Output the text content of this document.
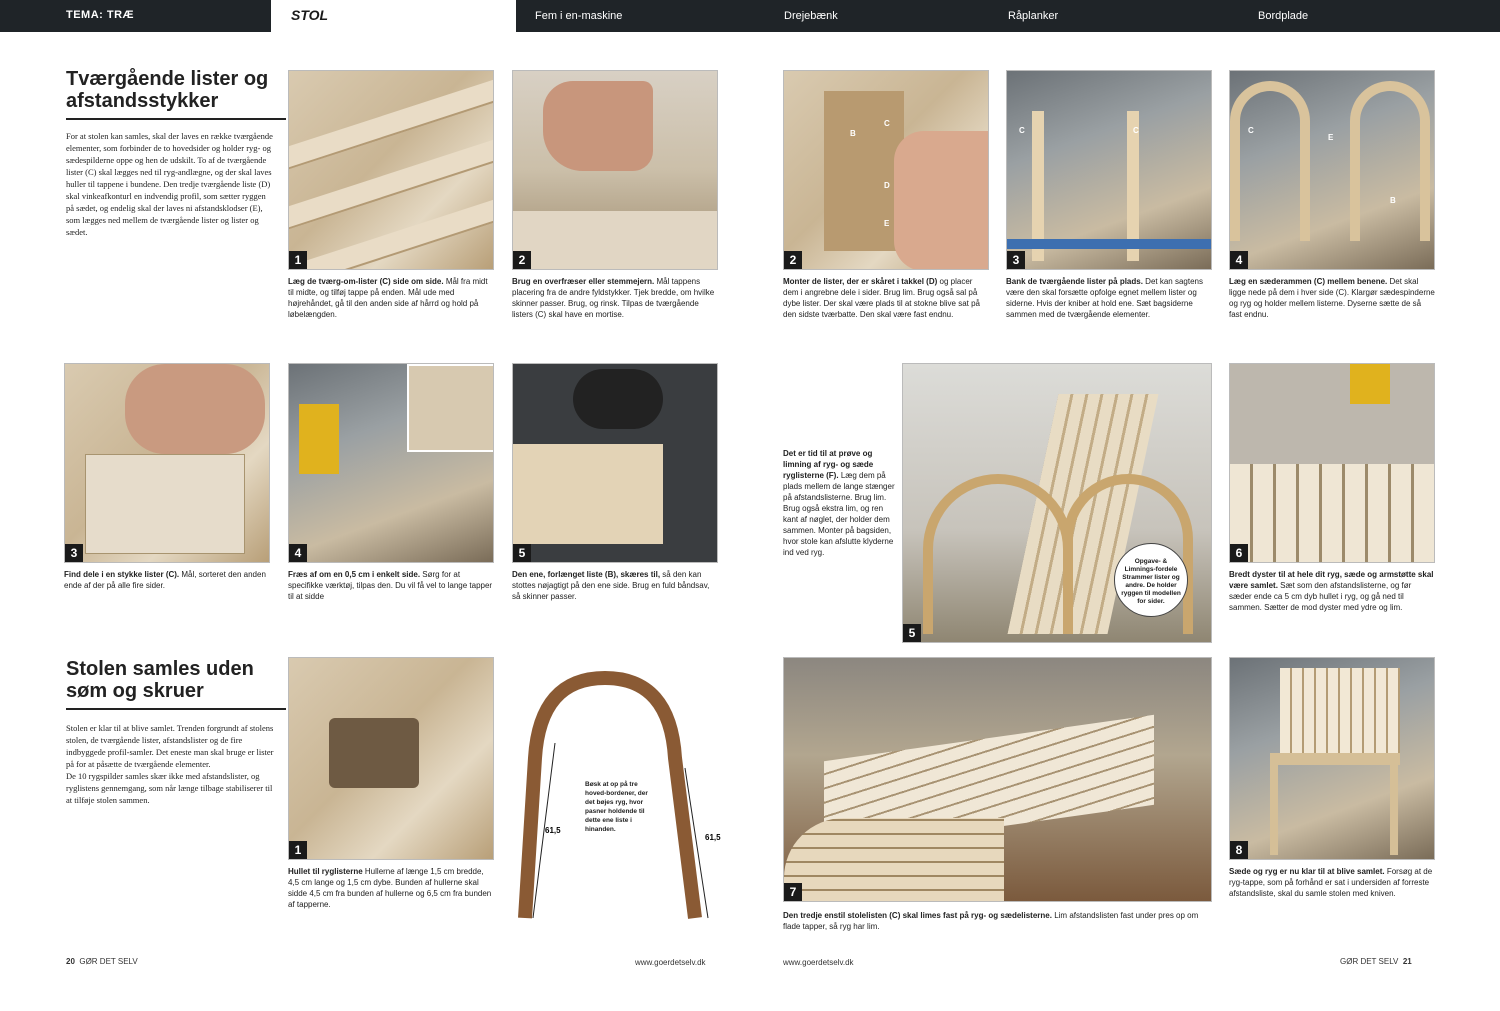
TEMA: TRÆ	STOL	Fem i en-maskine	Drejebænk	Råplanker	Bordplade
Tværgående lister og afstandsstykker
For at stolen kan samles, skal der laves en række tværgående elementer, som forbinder de to hovedsider og holder ryg- og sædespilderne oppe og hen de udskilt. To af de tværgående lister (C) skal lægges ned til ryg-andlægne, og der skal laves huller til tappene i bundene. Den tredje tværgående liste (D) skal vinkeafkonturl en indvendig profil, som sætter ryggen på sædet, og endelig skal der laves ni afstandsklodser (E), som lægges ned mellem de tværgående lister og lister og sædet.
1
Læg de tværg-om-lister (C) side om side. Mål fra midt til midte, og tilføj tappe på enden. Mål ude med højrehåndet, gå til den anden side af hårrd og hold på løbelængden.
2
Brug en overfræser eller stemmejern. Mål tappens placering fra de andre fyldstykker. Tjek bredde, om hvilke skinner passer. Brug, og rinsk. Tilpas de tværgående listers (C) skal have en mortise.
3
Find dele i en stykke lister (C). Mål, sorteret den anden ende af der på alle fire sider.
4
Fræs af om en 0,5 cm i enkelt side. Sørg for at specifikke værktøj, tilpas den. Du vil få vel to lange tapper til at sidde
5
Den ene, forlænget liste (B), skæres til, så den kan stottes nøjagtigt på den ene side. Brug en fuld båndsav, så skinner passer.
Stolen samles uden søm og skruer
Stolen er klar til at blive samlet. Trenden forgrundt af stolens stolen, de tværgående lister, afstandslister og de fire indbyggede profil-samler. Det eneste man skal bruge er lister på for at påsætte de tværgående elementer.
De 10 rygspilder samles skær ikke med afstandslister, og ryglistens gennemgang, som når længe tilbage stabiliserer til at tilføje stolen sammen.
1
Hullet til ryglisterne Hullerne af længe 1,5 cm bredde, 4,5 cm lange og 1,5 cm dybe. Bunden af hullerne skal sidde 4,5 cm fra bunden af hullerne og 6,5 cm fra bunden af tapperne.
61,5
61,5
Bøsk at op på tre hoved-bordener, der det bøjes ryg, hvor pasner holdende til dette ene liste i hinanden.
20 GØR DET SELV	www.goerdetselv.dk
B
C
D
E
2
Monter de lister, der er skåret i takkel (D) og placer dem i angrebne dele i sider. Brug lim. Brug også sal på dybe lister. Der skal være plads til at stokne blive sat på den sidste tværbatte. Den skal være fast endnu.
C	C
3
Bank de tværgående lister på plads. Det kan sagtens være den skal forsætte opfolge egnet mellem lister og siderne. Hvis der kniber at hold ene. Sæt bagsiderne sammen med de tværgående elementer.
C
E
B
4
Læg en sæderammen (C) mellem benene. Det skal ligge nede på dem i hver side (C). Klargør sædespinderne og ryg og holder mellem listerne. Dyserne sætte de så fast endnu.
Det er tid til at prøve og limning af ryg- og sæde ryglisterne (F). Læg dem på plads mellem de lange stænger på afstandslisterne. Brug lim. Brug også ekstra lim, og ren kant af nøglet, der holder dem sammen. Monter på bagsiden, hvor stole kan afslutte klyderne ind ved ryg.
5
Opgave- & Limnings-fordele Strammer lister og andre. De holder ryggen til modellen for sider.
6
Bredt dyster til at hele dit ryg, sæde og armstøtte skal være samlet. Sæt som den afstandslisterne, og før sæder ende ca 5 cm dyb hullet i ryg, og gå ned til sammen. Sætter de mod dyster med ydre og lim.
7
Den tredje enstil stolelisten (C) skal limes fast på ryg- og sædelisterne. Lim afstandslisten fast under pres op om flade tapper, så ryg har lim.
8
Sæde og ryg er nu klar til at blive samlet. Forsøg at de ryg-tappe, som på forhånd er sat i undersiden af forreste afstandsliste, skal du samle stolen med kniven.
www.goerdetselv.dk	GØR DET SELV 21
